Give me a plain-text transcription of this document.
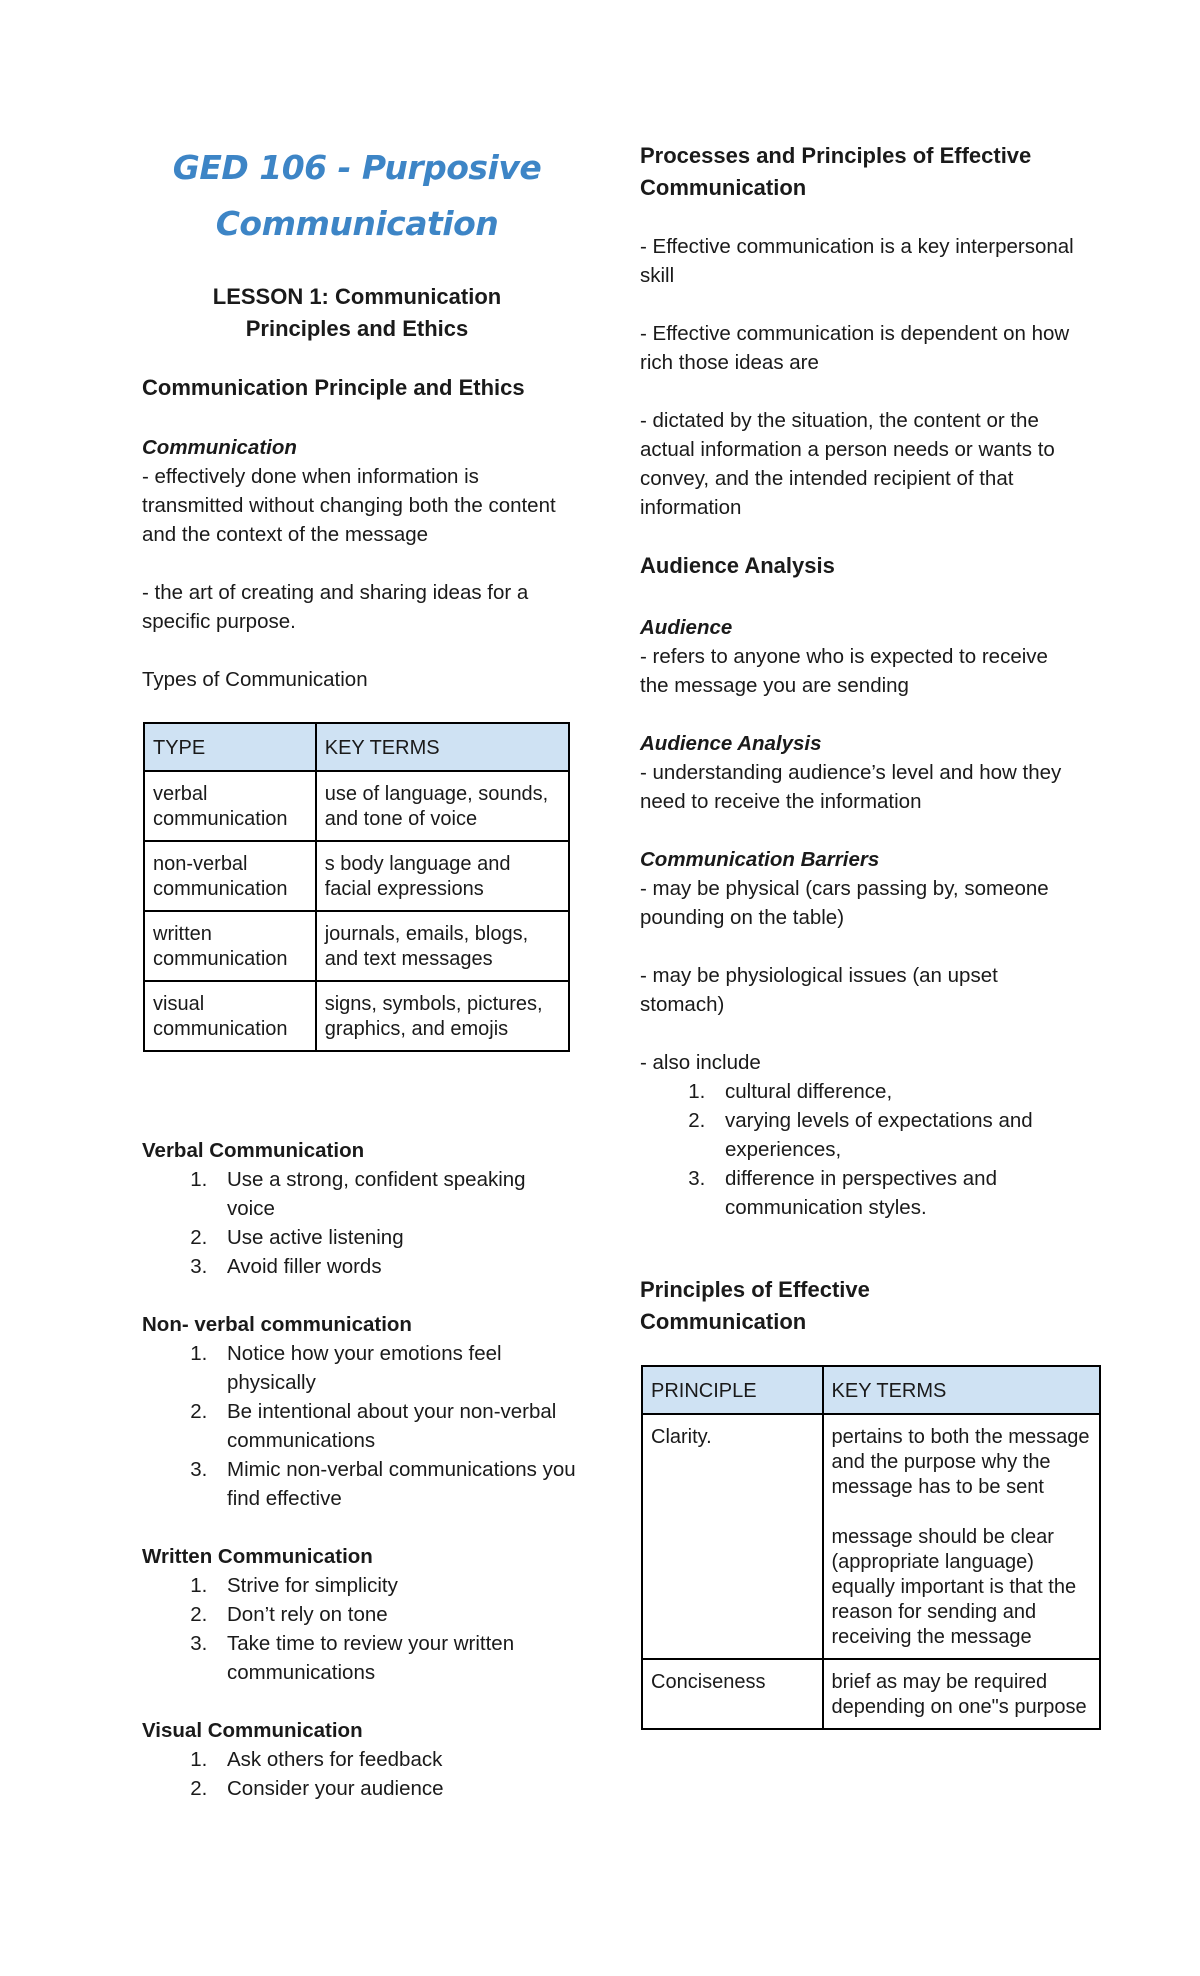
GED 106 - Purposive
Communication
LESSON 1: Communication
Principles and Ethics
Communication Principle and Ethics

Communication

- effectively done when information is transmitted without changing both the content and the context of the message

- the art of creating and sharing ideas for a specific purpose.

Types of Communication

TYPE	KEY TERMS
verbal communication	use of language, sounds, and tone of voice
non-verbal communication	s body language and facial expressions
written communication	journals, emails, blogs, and text messages
visual communication	signs, symbols, pictures, graphics, and emojis

Verbal Communication

1. Use a strong, confident speaking voice
2. Use active listening
3. Avoid filler words

Non- verbal communication

1. Notice how your emotions feel physically
2. Be intentional about your non-verbal communications
3. Mimic non-verbal communications you find effective

Written Communication

1. Strive for simplicity
2. Don’t rely on tone
3. Take time to review your written communications

Visual Communication

1. Ask others for feedback
2. Consider your audience
Processes and Principles of Effective Communication

- Effective communication is a key interpersonal skill

- Effective communication is dependent on how rich those ideas are

- dictated by the situation, the content or the actual information a person needs or wants to convey, and the intended recipient of that information

Audience Analysis

Audience

- refers to anyone who is expected to receive the message you are sending

Audience Analysis

- understanding audience’s level and how they need to receive the information

Communication Barriers

- may be physical (cars passing by, someone pounding on the table)

- may be physiological issues (an upset stomach)

- also include

1. cultural difference,
2. varying levels of expectations and experiences,
3. difference in perspectives and communication styles.
Principles of Effective Communication
PRINCIPLE	KEY TERMS
Clarity.	pertains to both the message and the purpose why the message has to be sent
message should be clear (appropriate language) equally important is that the reason for sending and receiving the message

Conciseness	brief as may be required depending on one"s purpose
